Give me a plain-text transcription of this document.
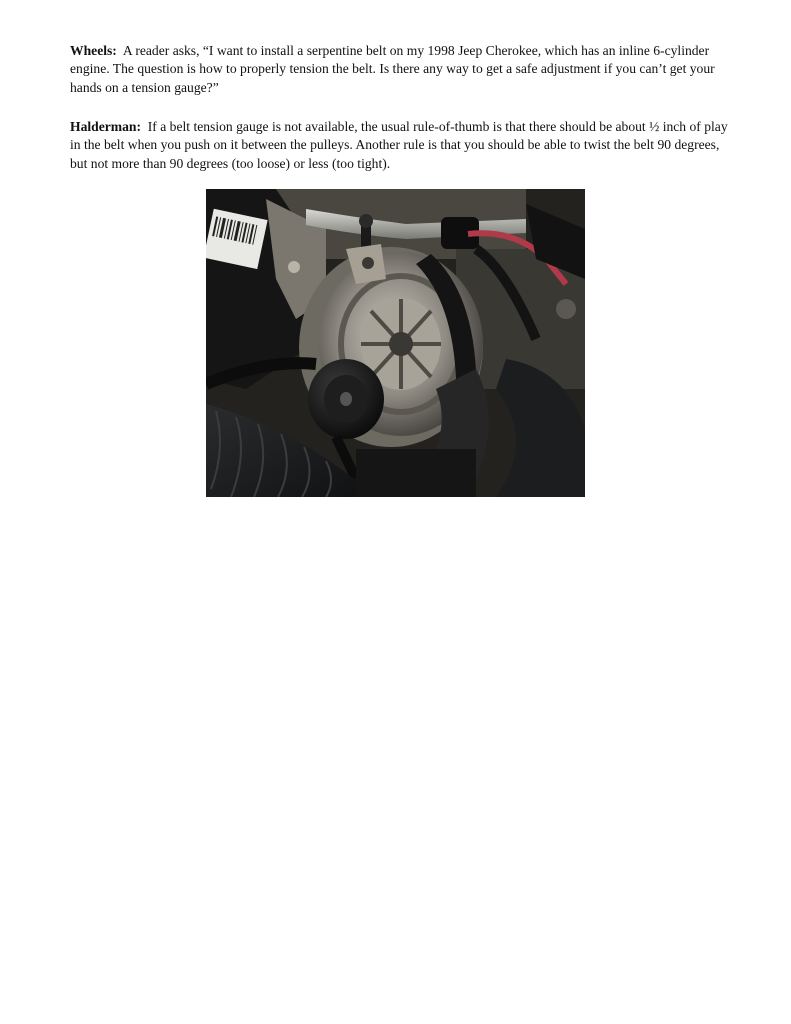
Wheels: A reader asks, “I want to install a serpentine belt on my 1998 Jeep Cherokee, which has an inline 6-cylinder engine. The question is how to properly tension the belt. Is there any way to get a safe adjustment if you can’t get your hands on a tension gauge?”

Halderman: If a belt tension gauge is not available, the usual rule-of-thumb is that there should be about ½ inch of play in the belt when you push on it between the pulleys. Another rule is that you should be able to twist the belt 90 degrees, but not more than 90 degrees (too loose) or less (too tight).
